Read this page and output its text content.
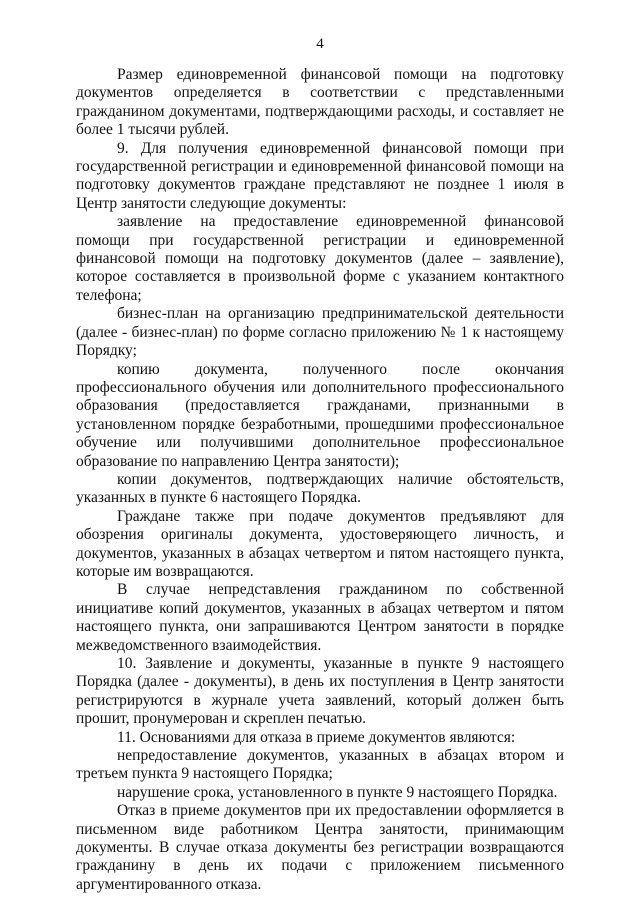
4

Размер единовременной финансовой помощи на подготовку документов определяется в соответствии с представленными гражданином документами, подтверждающими расходы, и составляет не более 1 тысячи рублей.

9. Для получения единовременной финансовой помощи при государственной регистрации и единовременной финансовой помощи на подготовку документов граждане представляют не позднее 1 июля в Центр занятости следующие документы:

заявление на предоставление единовременной финансовой помощи при государственной регистрации и единовременной финансовой помощи на подготовку документов (далее – заявление), которое составляется в произвольной форме с указанием контактного телефона;

бизнес-план на организацию предпринимательской деятельности (далее - бизнес-план) по форме согласно приложению № 1 к настоящему Порядку;

копию документа, полученного после окончания профессионального обучения или дополнительного профессионального образования (предоставляется гражданами, признанными в установленном порядке безработными, прошедшими профессиональное обучение или получившими дополнительное профессиональное образование по направлению Центра занятости);

копии документов, подтверждающих наличие обстоятельств, указанных в пункте 6 настоящего Порядка.

Граждане также при подаче документов предъявляют для обозрения оригиналы документа, удостоверяющего личность, и документов, указанных в абзацах четвертом и пятом настоящего пункта, которые им возвращаются.

В случае непредставления гражданином по собственной инициативе копий документов, указанных в абзацах четвертом и пятом настоящего пункта, они запрашиваются Центром занятости в порядке межведомственного взаимодействия.

10. Заявление и документы, указанные в пункте 9 настоящего Порядка (далее - документы), в день их поступления в Центр занятости регистрируются в журнале учета заявлений, который должен быть прошит, пронумерован и скреплен печатью.

11. Основаниями для отказа в приеме документов являются:

непредоставление документов, указанных в абзацах втором и третьем пункта 9 настоящего Порядка;

нарушение срока, установленного в пункте 9 настоящего Порядка.

Отказ в приеме документов при их предоставлении оформляется в письменном виде работником Центра занятости, принимающим документы. В случае отказа документы без регистрации возвращаются гражданину в день их подачи с приложением письменного аргументированного отказа.
